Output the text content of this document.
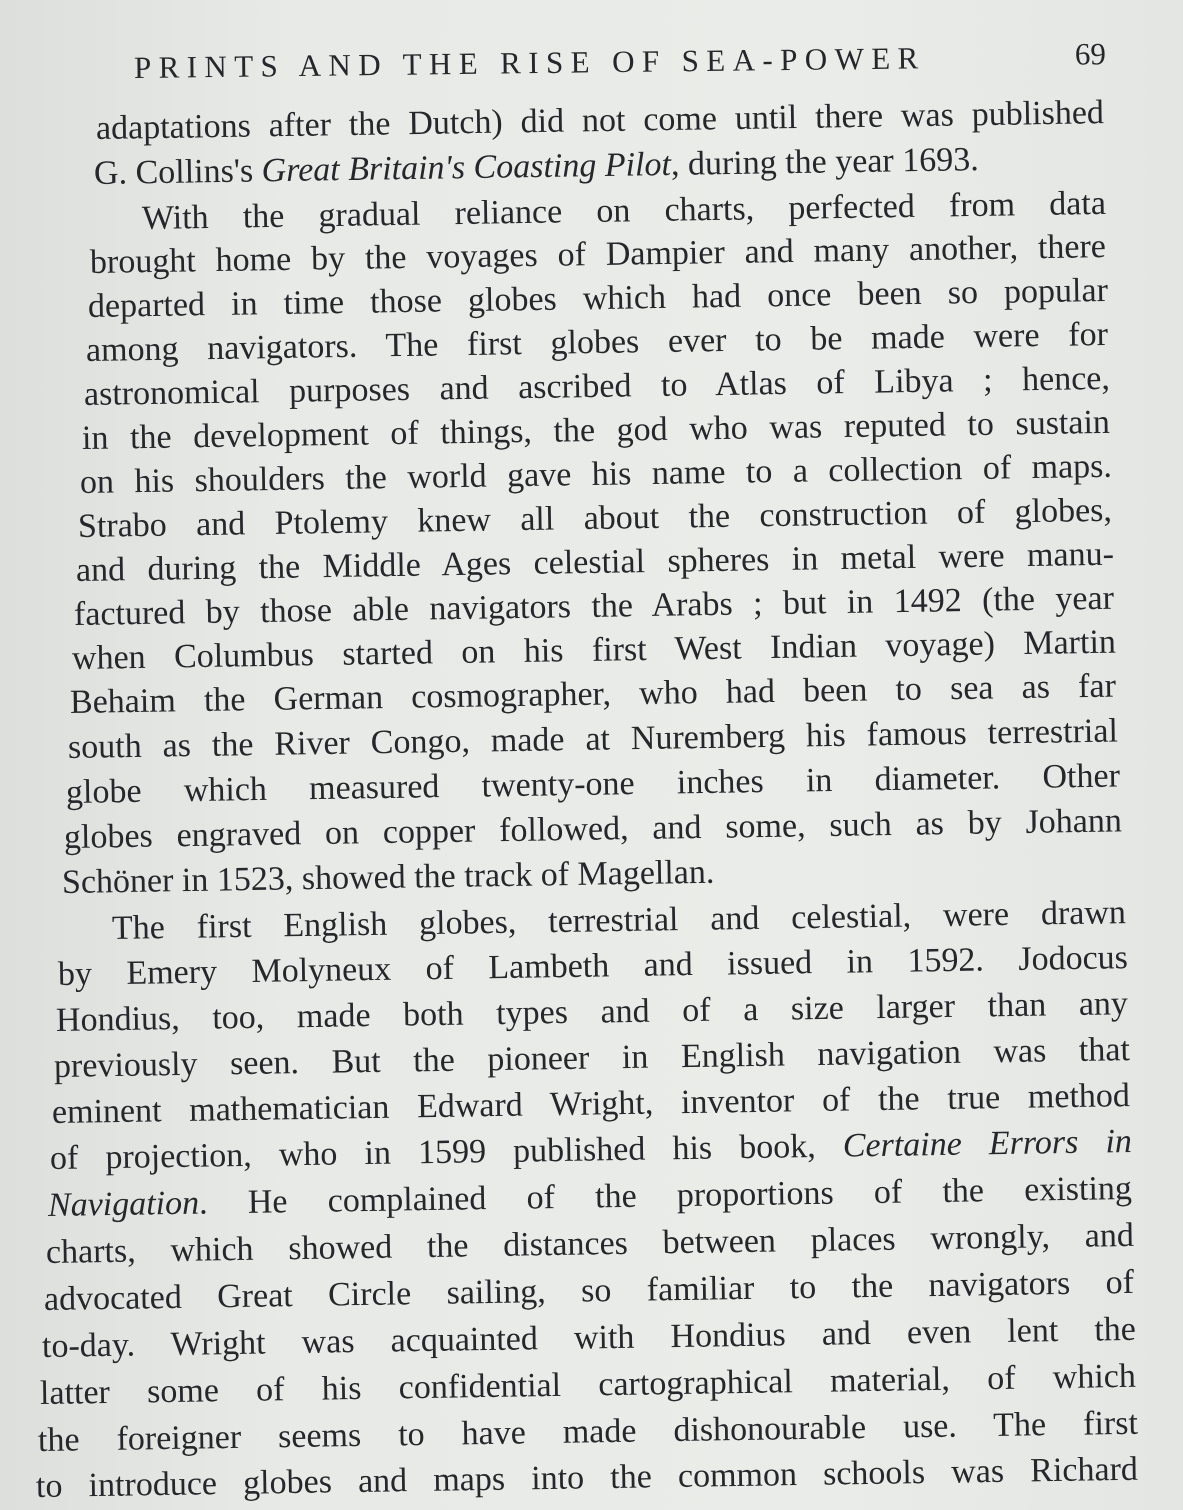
PRINTS AND THE RISE OF SEA-POWER	69
adaptations after the Dutch) did not come until there was published
G. Collins's Great Britain's Coasting Pilot, during the year 1693.
With the gradual reliance on charts, perfected from data
brought home by the voyages of Dampier and many another, there
departed in time those globes which had once been so popular
among navigators. The first globes ever to be made were for
astronomical purposes and ascribed to Atlas of Libya ; hence,
in the development of things, the god who was reputed to sustain
on his shoulders the world gave his name to a collection of maps.
Strabo and Ptolemy knew all about the construction of globes,
and during the Middle Ages celestial spheres in metal were manu-
factured by those able navigators the Arabs ; but in 1492 (the year
when Columbus started on his first West Indian voyage) Martin
Behaim the German cosmographer, who had been to sea as far
south as the River Congo, made at Nuremberg his famous terrestrial
globe which measured twenty-one inches in diameter. Other
globes engraved on copper followed, and some, such as by Johann
Schöner in 1523, showed the track of Magellan.
The first English globes, terrestrial and celestial, were drawn
by Emery Molyneux of Lambeth and issued in 1592. Jodocus
Hondius, too, made both types and of a size larger than any
previously seen. But the pioneer in English navigation was that
eminent mathematician Edward Wright, inventor of the true method
of projection, who in 1599 published his book, Certaine Errors in
Navigation. He complained of the proportions of the existing
charts, which showed the distances between places wrongly, and
advocated Great Circle sailing, so familiar to the navigators of
to-day. Wright was acquainted with Hondius and even lent the
latter some of his confidential cartographical material, of which
the foreigner seems to have made dishonourable use. The first
to introduce globes and maps into the common schools was Richard
